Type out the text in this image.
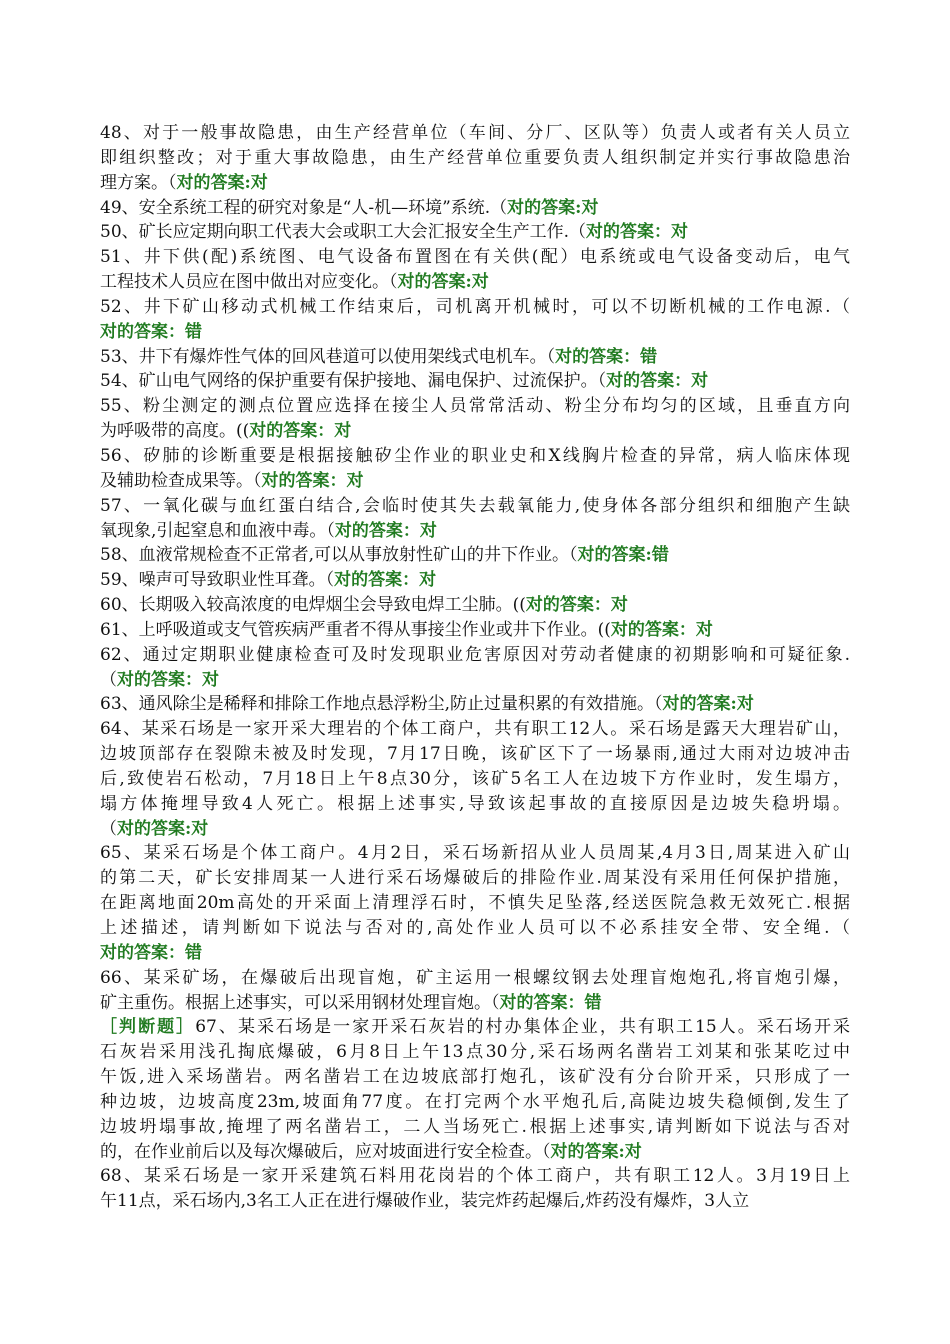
48、对于一般事故隐患，由生产经营单位（车间、分厂、区队等）负责人或者有关人员立
即组织整改；对于重大事故隐患，由生产经营单位重要负责人组织制定并实行事故隐患治
理方案。（对的答案:对
49、安全系统工程的研究对象是“人-机—环境”系统.（对的答案:对
50、矿长应定期向职工代表大会或职工大会汇报安全生产工作.（对的答案：对
51、井下供(配)系统图、电气设备布置图在有关供(配）电系统或电气设备变动后，电气
工程技术人员应在图中做出对应变化。（对的答案:对
52、井下矿山移动式机械工作结束后，司机离开机械时，可以不切断机械的工作电源.（
对的答案：错
53、井下有爆炸性气体的回风巷道可以使用架线式电机车。（对的答案：错
54、矿山电气网络的保护重要有保护接地、漏电保护、过流保护。（对的答案：对
55、粉尘测定的测点位置应选择在接尘人员常常活动、粉尘分布均匀的区域，且垂直方向
为呼吸带的高度。((对的答案：对
56、矽肺的诊断重要是根据接触矽尘作业的职业史和X线胸片检查的异常，病人临床体现
及辅助检查成果等。（对的答案：对
57、一氧化碳与血红蛋白结合,会临时使其失去载氧能力,使身体各部分组织和细胞产生缺
氧现象,引起窒息和血液中毒。（对的答案：对
58、血液常规检查不正常者,可以从事放射性矿山的井下作业。（对的答案:错
59、噪声可导致职业性耳聋。（对的答案：对
60、长期吸入较高浓度的电焊烟尘会导致电焊工尘肺。((对的答案：对
61、上呼吸道或支气管疾病严重者不得从事接尘作业或井下作业。((对的答案：对
62、通过定期职业健康检查可及时发现职业危害原因对劳动者健康的初期影响和可疑征象.
（对的答案：对
63、通风除尘是稀释和排除工作地点悬浮粉尘,防止过量积累的有效措施。（对的答案:对
64、某采石场是一家开采大理岩的个体工商户，共有职工12人。采石场是露天大理岩矿山，
边坡顶部存在裂隙未被及时发现，7月17日晚，该矿区下了一场暴雨,通过大雨对边坡冲击
后,致使岩石松动，7月18日上午8点30分，该矿5名工人在边坡下方作业时，发生塌方，
塌方体掩埋导致4人死亡。根据上述事实,导致该起事故的直接原因是边坡失稳坍塌。
（对的答案:对
65、某采石场是个体工商户。4月2日，采石场新招从业人员周某,4月3日,周某进入矿山
的第二天，矿长安排周某一人进行采石场爆破后的排险作业.周某没有采用任何保护措施，
在距离地面20m高处的开采面上清理浮石时，不慎失足坠落,经送医院急救无效死亡.根据
上述描述，请判断如下说法与否对的,高处作业人员可以不必系挂安全带、安全绳.（
对的答案：错
66、某采矿场，在爆破后出现盲炮，矿主运用一根螺纹钢去处理盲炮炮孔,将盲炮引爆，
矿主重伤。根据上述事实，可以采用钢材处理盲炮。（对的答案：错
［判断题］67、某采石场是一家开采石灰岩的村办集体企业，共有职工15人。采石场开采
石灰岩采用浅孔掏底爆破，6月8日上午13点30分,采石场两名凿岩工刘某和张某吃过中
午饭,进入采场凿岩。两名凿岩工在边坡底部打炮孔，该矿没有分台阶开采，只形成了一
种边坡，边坡高度23m,坡面角77度。在打完两个水平炮孔后,高陡边坡失稳倾倒,发生了
边坡坍塌事故,掩埋了两名凿岩工，二人当场死亡.根据上述事实,请判断如下说法与否对
的，在作业前后以及每次爆破后，应对坡面进行安全检查。（对的答案:对
68、某采石场是一家开采建筑石料用花岗岩的个体工商户，共有职工12人。3月19日上
午11点，采石场内,3名工人正在进行爆破作业，装完炸药起爆后,炸药没有爆炸，3人立
